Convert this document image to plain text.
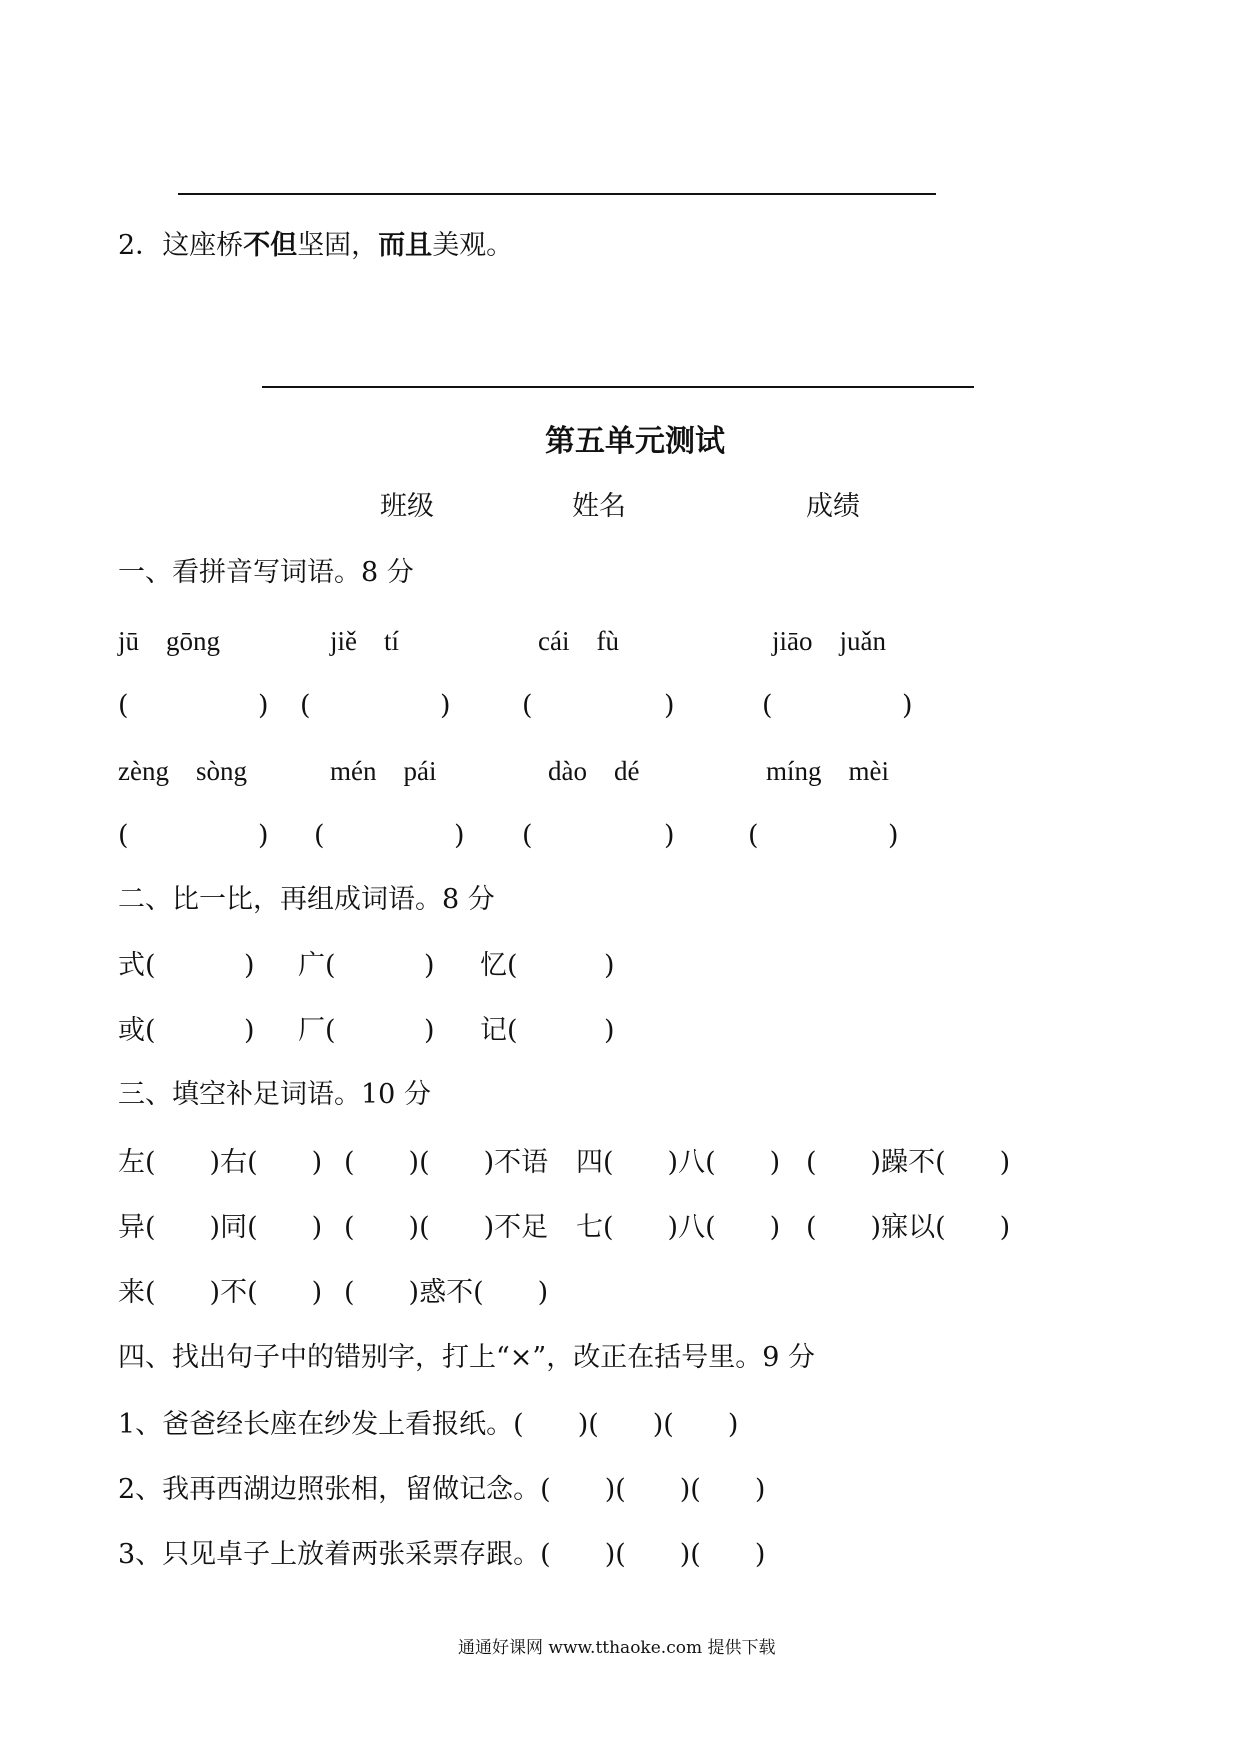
2．这座桥不但坚固，而且美观。
第五单元测试
班级	姓名	成绩
一、看拼音写词语。8 分
jū　gōng	jiě　tí	cái　fù	jiāo　juǎn
(	) (	)	(	)	(	)
zèng　sòng	mén　pái	dào　dé	míng　mèi
(	) (	) (	)	(	)
二、比一比，再组成词语。8 分
式 (	) 广 (	) 忆 (	)
或 (	) 厂 (	) 记 (	)
三、填空补足词语。10 分
左(　　)右(　　) (　　)(　　)不语 四(　　)八(　　) (　　)躁不(　　)
异(　　)同(　　) (　　)(　　)不足 七(　　)八(　　) (　　)寐以(　　)
来(　　)不(　　) (　　)惑不(　　)
四、找出句子中的错别字，打上“×”，改正在括号里。9 分
1、爸爸经长座在纱发上看报纸。(　　)(　　)(　　)
2、我再西湖边照张相，留做记念。(　　)(　　)(　　)
3、只见卓子上放着两张采票存跟。(　　)(　　)(　　)
通通好课网 www.tthaoke.com 提供下载
